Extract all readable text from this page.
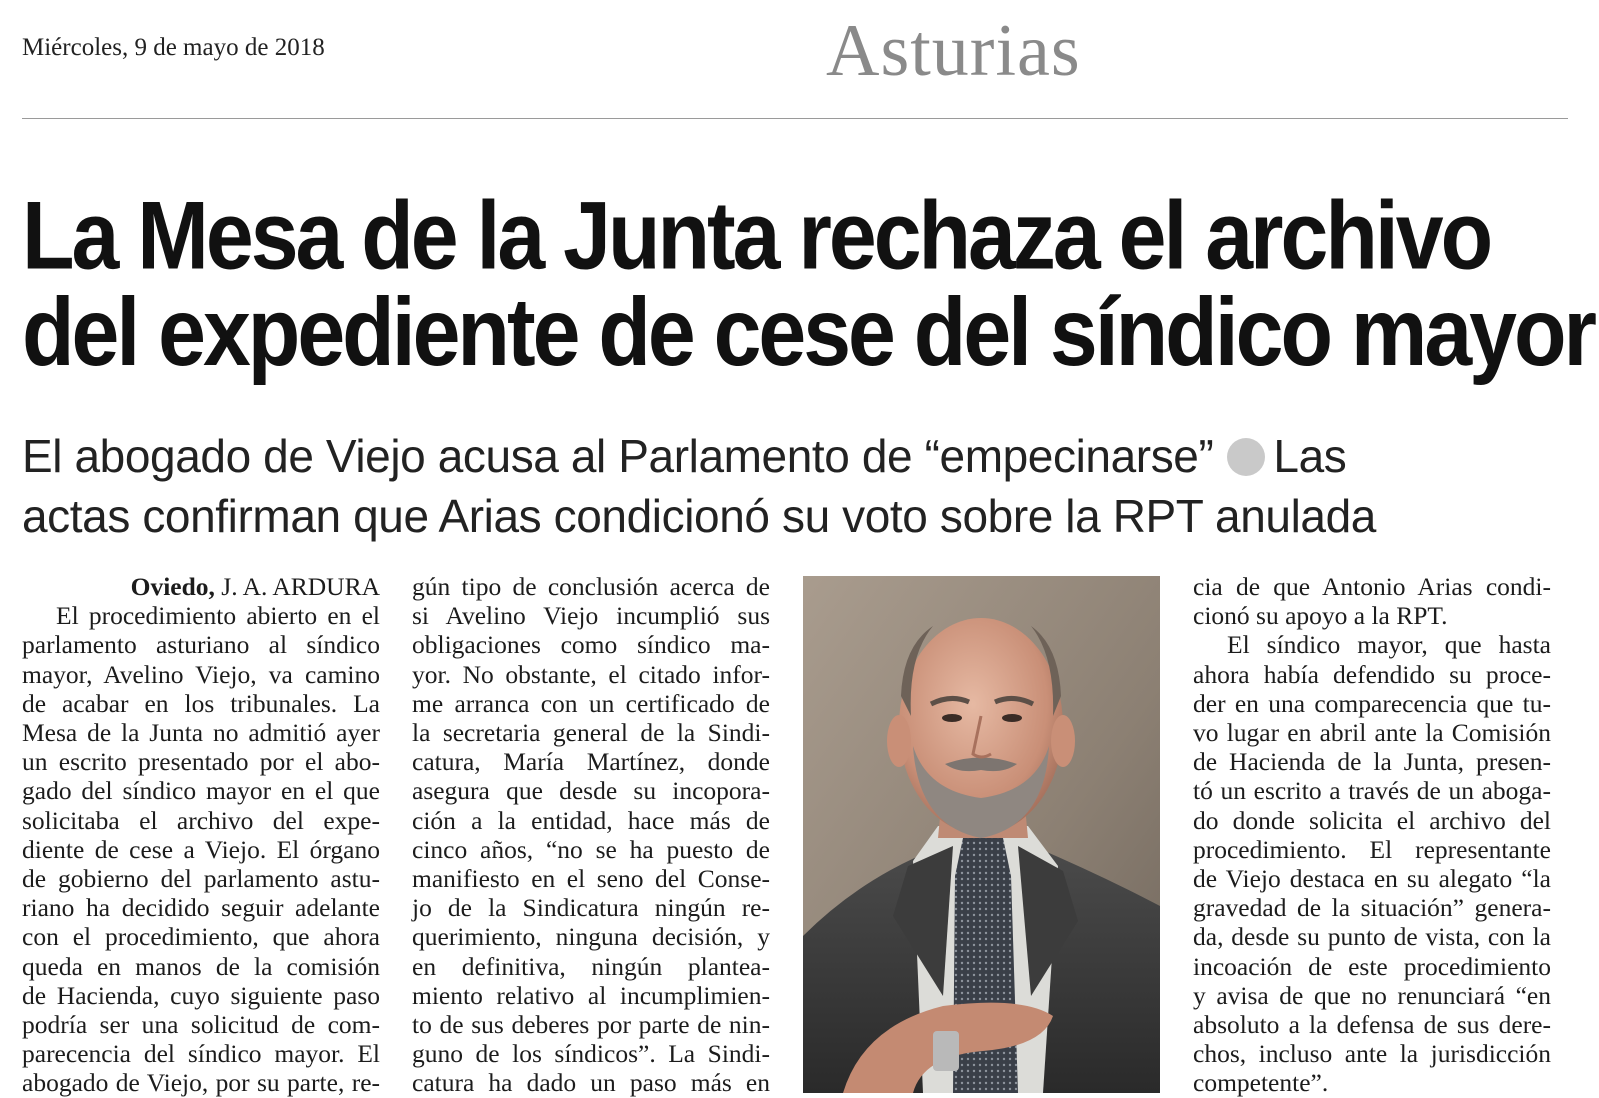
Miércoles, 9 de mayo de 2018	Asturias
La Mesa de la Junta rechaza el archivo
del expediente de cese del síndico mayor
El abogado de Viejo acusa al Parlamento de “empecinarse” Las
actas confirman que Arias condicionó su voto sobre la RPT anulada
Oviedo, J. A. ARDURA
El procedimiento abierto en el
parlamento asturiano al síndico
mayor, Avelino Viejo, va camino
de acabar en los tribunales. La
Mesa de la Junta no admitió ayer
un escrito presentado por el abo-
gado del síndico mayor en el que
solicitaba el archivo del expe-
diente de cese a Viejo. El órgano
de gobierno del parlamento astu-
riano ha decidido seguir adelante
con el procedimiento, que ahora
queda en manos de la comisión
de Hacienda, cuyo siguiente paso
podría ser una solicitud de com-
parecencia del síndico mayor. El
abogado de Viejo, por su parte, re-
gún tipo de conclusión acerca de
si Avelino Viejo incumplió sus
obligaciones como síndico ma-
yor. No obstante, el citado infor-
me arranca con un certificado de
la secretaria general de la Sindi-
catura, María Martínez, donde
asegura que desde su incopora-
ción a la entidad, hace más de
cinco años, “no se ha puesto de
manifiesto en el seno del Conse-
jo de la Sindicatura ningún re-
querimiento, ninguna decisión, y
en definitiva, ningún plantea-
miento relativo al incumplimien-
to de sus deberes por parte de nin-
guno de los síndicos”. La Sindi-
catura ha dado un paso más en
cia de que Antonio Arias condi-
cionó su apoyo a la RPT.
El síndico mayor, que hasta
ahora había defendido su proce-
der en una comparecencia que tu-
vo lugar en abril ante la Comisión
de Hacienda de la Junta, presen-
tó un escrito a través de un aboga-
do donde solicita el archivo del
procedimiento. El representante
de Viejo destaca en su alegato “la
gravedad de la situación” genera-
da, desde su punto de vista, con la
incoación de este procedimiento
y avisa de que no renunciará “en
absoluto a la defensa de sus dere-
chos, incluso ante la jurisdicción
competente”.
